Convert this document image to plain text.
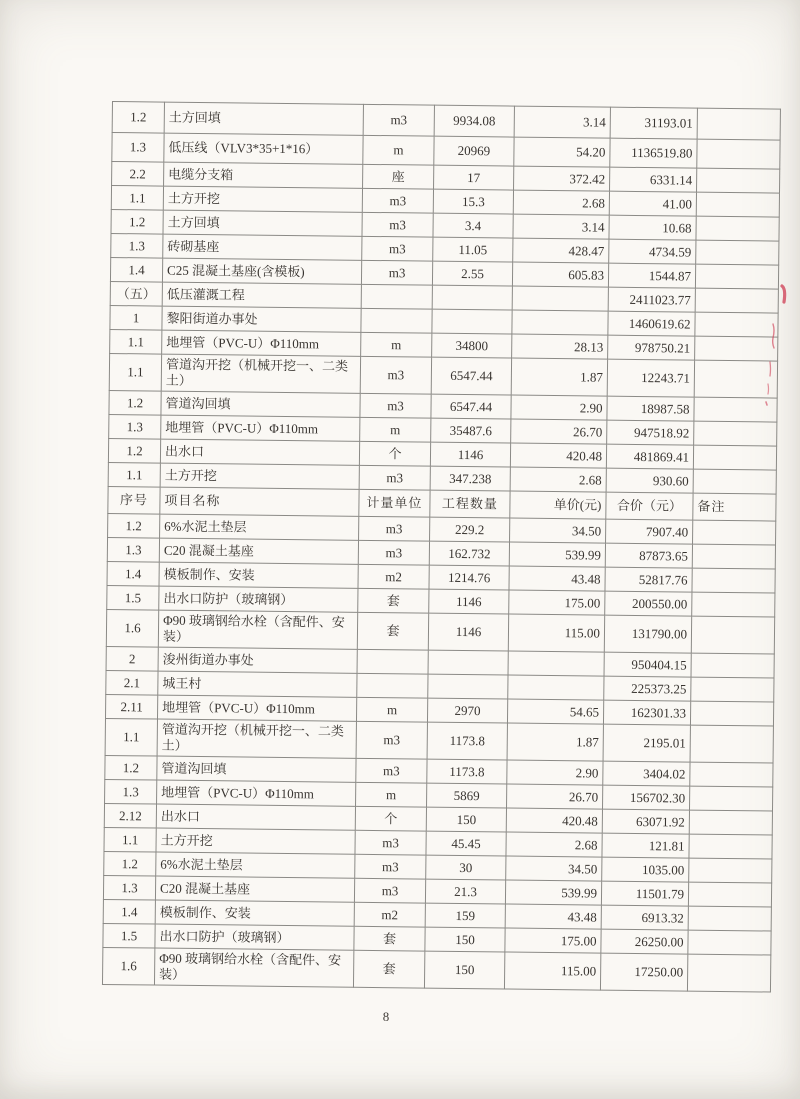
1.2	土方回填	m3	9934.08	3.14	31193.01	
1.3	低压线（VLV3*35+1*16）	m	20969	54.20	1136519.80	
2.2	电缆分支箱	座	17	372.42	6331.14	
1.1	土方开挖	m3	15.3	2.68	41.00	
1.2	土方回填	m3	3.4	3.14	10.68	
1.3	砖砌基座	m3	11.05	428.47	4734.59	
1.4	C25 混凝土基座(含模板)	m3	2.55	605.83	1544.87	
（五）	低压灌溉工程				2411023.77	
1	黎阳街道办事处				1460619.62	
1.1	地埋管（PVC-U）Φ110mm	m	34800	28.13	978750.21	
1.1	管道沟开挖（机械开挖一、二类土）	m3	6547.44	1.87	12243.71	
1.2	管道沟回填	m3	6547.44	2.90	18987.58	
1.3	地埋管（PVC-U）Φ110mm	m	35487.6	26.70	947518.92	
1.2	出水口	个	1146	420.48	481869.41	
1.1	土方开挖	m3	347.238	2.68	930.60	
序号	项目名称	计量单位	工程数量	单价(元)	合价（元）	备注
1.2	6%水泥土垫层	m3	229.2	34.50	7907.40	
1.3	C20 混凝土基座	m3	162.732	539.99	87873.65	
1.4	模板制作、安装	m2	1214.76	43.48	52817.76	
1.5	出水口防护（玻璃钢）	套	1146	175.00	200550.00	
1.6	Φ90 玻璃钢给水栓（含配件、安装）	套	1146	115.00	131790.00	
2	浚州街道办事处				950404.15	
2.1	城王村				225373.25	
2.11	地埋管（PVC-U）Φ110mm	m	2970	54.65	162301.33	
1.1	管道沟开挖（机械开挖一、二类土）	m3	1173.8	1.87	2195.01	
1.2	管道沟回填	m3	1173.8	2.90	3404.02	
1.3	地埋管（PVC-U）Φ110mm	m	5869	26.70	156702.30	
2.12	出水口	个	150	420.48	63071.92	
1.1	土方开挖	m3	45.45	2.68	121.81	
1.2	6%水泥土垫层	m3	30	34.50	1035.00	
1.3	C20 混凝土基座	m3	21.3	539.99	11501.79	
1.4	模板制作、安装	m2	159	43.48	6913.32	
1.5	出水口防护（玻璃钢）	套	150	175.00	26250.00	
1.6	Φ90 玻璃钢给水栓（含配件、安装）	套	150	115.00	17250.00	
8
